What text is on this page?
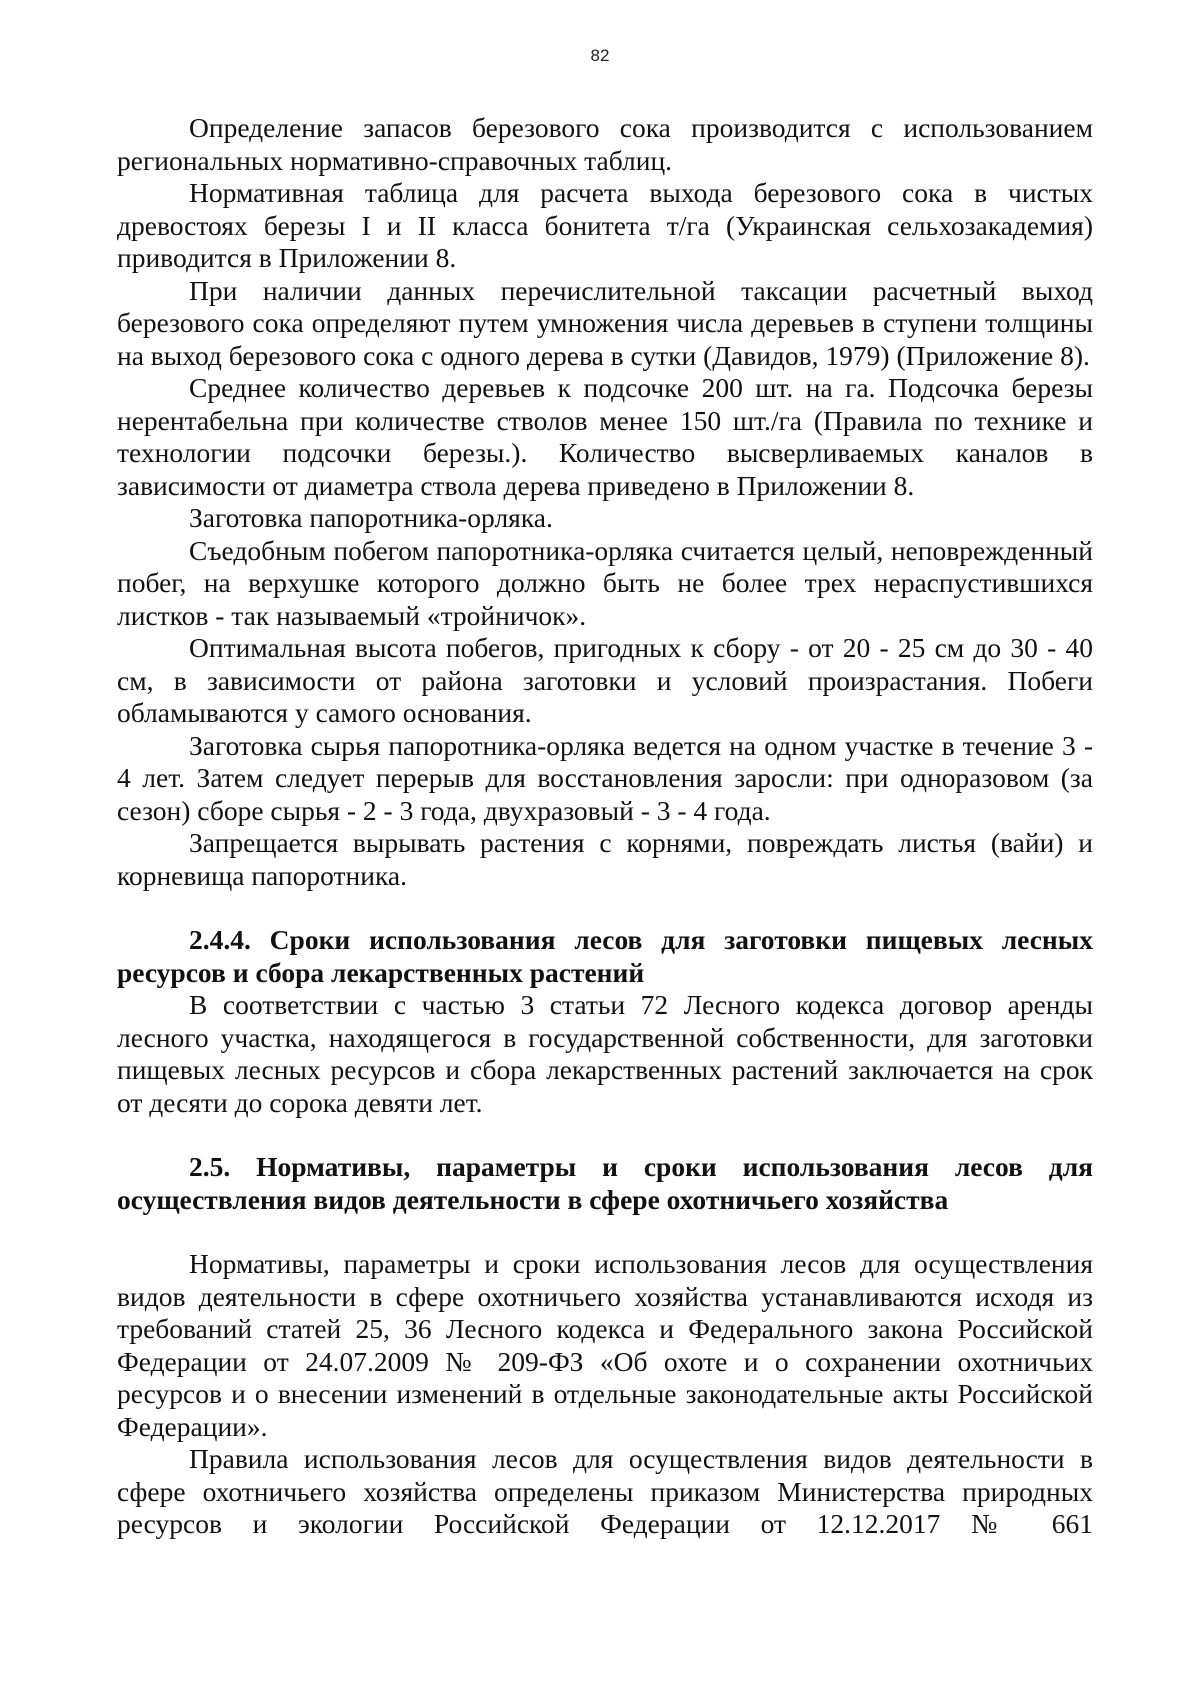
82

Определение запасов березового сока производится с использованием региональных нормативно-справочных таблиц.

Нормативная таблица для расчета выхода березового сока в чистых древостоях березы I и II класса бонитета т/га (Украинская сельхозакадемия) приводится в Приложении 8.

При наличии данных перечислительной таксации расчетный выход березового сока определяют путем умножения числа деревьев в ступени толщины на выход березового сока с одного дерева в сутки (Давидов, 1979) (Приложение 8).

Среднее количество деревьев к подсочке 200 шт. на га. Подсочка березы нерентабельна при количестве стволов менее 150 шт./га (Правила по технике и технологии подсочки березы.). Количество высверливаемых каналов в зависимости от диаметра ствола дерева приведено в Приложении 8.

Заготовка папоротника-орляка.

Съедобным побегом папоротника-орляка считается целый, неповрежденный побег, на верхушке которого должно быть не более трех нераспустившихся листков - так называемый «тройничок».

Оптимальная высота побегов, пригодных к сбору - от 20 - 25 см до 30 - 40 см, в зависимости от района заготовки и условий произрастания. Побеги обламываются у самого основания.

Заготовка сырья папоротника-орляка ведется на одном участке в течение 3 - 4 лет. Затем следует перерыв для восстановления заросли: при одноразовом (за сезон) сборе сырья - 2 - 3 года, двухразовый - 3 - 4 года.

Запрещается вырывать растения с корнями, повреждать листья (вайи) и корневища папоротника.

2.4.4. Сроки использования лесов для заготовки пищевых лесных ресурсов и сбора лекарственных растений

В соответствии с частью 3 статьи 72 Лесного кодекса договор аренды лесного участка, находящегося в государственной собственности, для заготовки пищевых лесных ресурсов и сбора лекарственных растений заключается на срок от десяти до сорока девяти лет.

2.5. Нормативы, параметры и сроки использования лесов для осуществления видов деятельности в сфере охотничьего хозяйства

Нормативы, параметры и сроки использования лесов для осуществления видов деятельности в сфере охотничьего хозяйства устанавливаются исходя из требований статей 25, 36 Лесного кодекса и Федерального закона Российской Федерации от 24.07.2009 № 209-ФЗ «Об охоте и о сохранении охотничьих ресурсов и о внесении изменений в отдельные законодательные акты Российской Федерации».

Правила использования лесов для осуществления видов деятельности в сфере охотничьего хозяйства определены приказом Министерства природных ресурсов и экологии Российской Федерации от 12.12.2017 № 661
